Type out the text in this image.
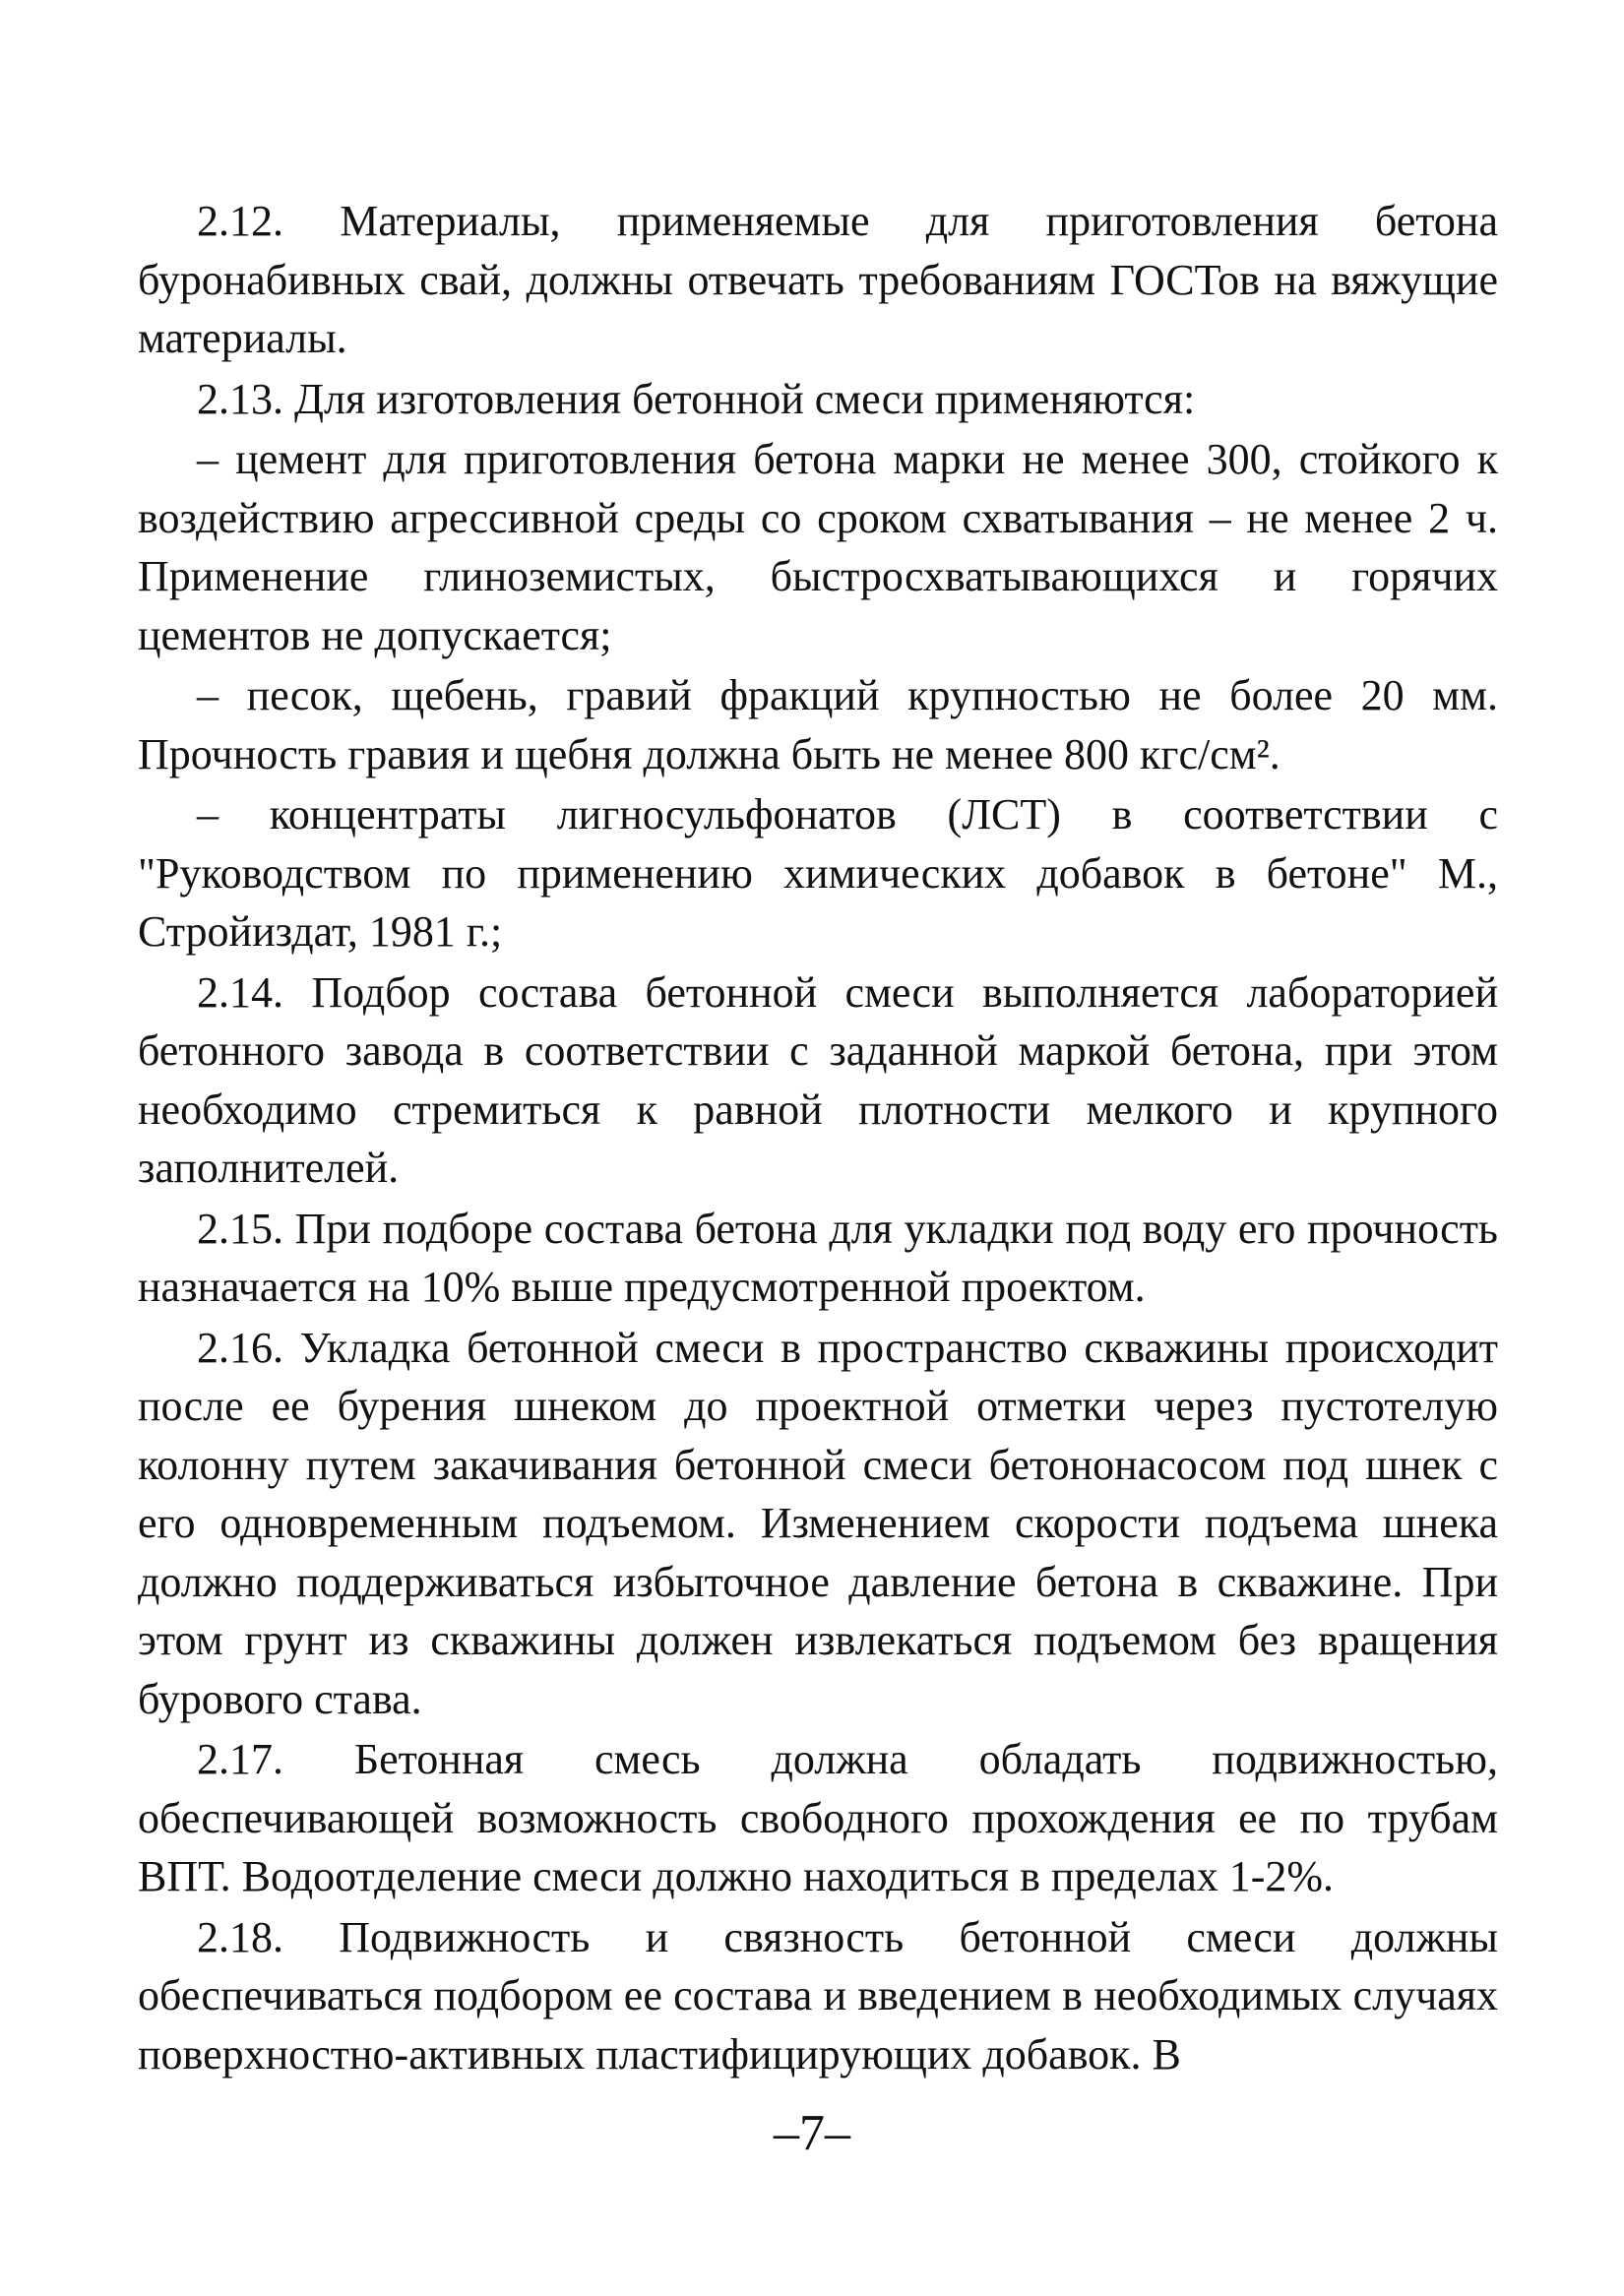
2.12. Материалы, применяемые для приготовления бетона буронабивных свай, должны отвечать требованиям ГОСТов на вяжущие материалы.

2.13. Для изготовления бетонной смеси применяются:

– цемент для приготовления бетона марки не менее 300, стойкого к воздействию агрессивной среды со сроком схватывания – не менее 2 ч. Применение глиноземистых, быстросхватывающихся и горячих цементов не допускается;

– песок, щебень, гравий фракций крупностью не более 20 мм. Прочность гравия и щебня должна быть не менее 800 кгс/см².

– концентраты лигносульфонатов (ЛСТ) в соответствии с "Руководством по применению химических добавок в бетоне" М., Стройиздат, 1981 г.;

2.14. Подбор состава бетонной смеси выполняется лабораторией бетонного завода в соответствии с заданной маркой бетона, при этом необходимо стремиться к равной плотности мелкого и крупного заполнителей.

2.15. При подборе состава бетона для укладки под воду его прочность назначается на 10% выше предусмотренной проектом.

2.16. Укладка бетонной смеси в пространство скважины происходит после ее бурения шнеком до проектной отметки через пустотелую колонну путем закачивания бетонной смеси бетононасосом под шнек с его одновременным подъемом. Изменением скорости подъема шнека должно поддерживаться избыточное давление бетона в скважине. При этом грунт из скважины должен извлекаться подъемом без вращения бурового става.

2.17. Бетонная смесь должна обладать подвижностью, обеспечивающей возможность свободного прохождения ее по трубам ВПТ. Водоотделение смеси должно находиться в пределах 1-2%.

2.18. Подвижность и связность бетонной смеси должны обеспечиваться подбором ее состава и введением в необходимых случаях поверхностно-активных пластифицирующих добавок. В

–7–
